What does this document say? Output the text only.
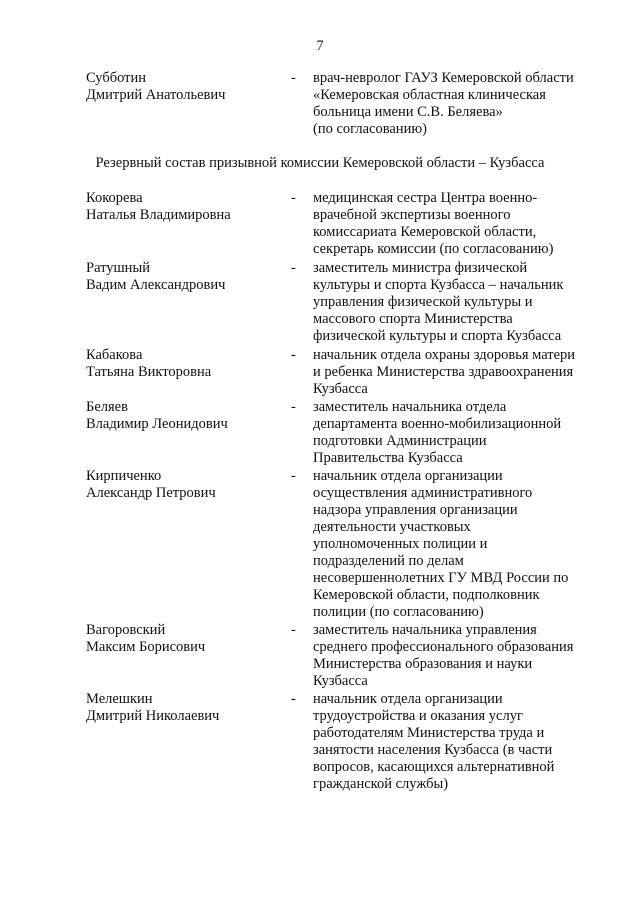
7
Субботин
Дмитрий Анатольевич
- врач-невролог ГАУЗ Кемеровской области
«Кемеровская областная клиническая
больница имени С.В. Беляева»
(по согласованию)
Резервный состав призывной комиссии Кемеровской области – Кузбасса
Кокорева
Наталья Владимировна
- медицинская сестра Центра военно-
врачебной экспертизы военного
комиссариата Кемеровской области,
секретарь комиссии (по согласованию)
Ратушный
Вадим Александрович
- заместитель министра физической
культуры и спорта Кузбасса – начальник
управления физической культуры и
массового спорта Министерства
физической культуры и спорта Кузбасса
Кабакова
Татьяна Викторовна
- начальник отдела охраны здоровья матери
и ребенка Министерства здравоохранения
Кузбасса
Беляев
Владимир Леонидович
- заместитель начальника отдела
департамента военно-мобилизационной
подготовки Администрации
Правительства Кузбасса
Кирпиченко
Александр Петрович
- начальник отдела организации
осуществления административного
надзора управления организации
деятельности участковых
уполномоченных полиции и
подразделений по делам
несовершеннолетних ГУ МВД России по
Кемеровской области, подполковник
полиции (по согласованию)
Вагоровский
Максим Борисович
- заместитель начальника управления
среднего профессионального образования
Министерства образования и науки
Кузбасса
Мелешкин
Дмитрий Николаевич
- начальник отдела организации
трудоустройства и оказания услуг
работодателям Министерства труда и
занятости населения Кузбасса (в части
вопросов, касающихся альтернативной
гражданской службы)
